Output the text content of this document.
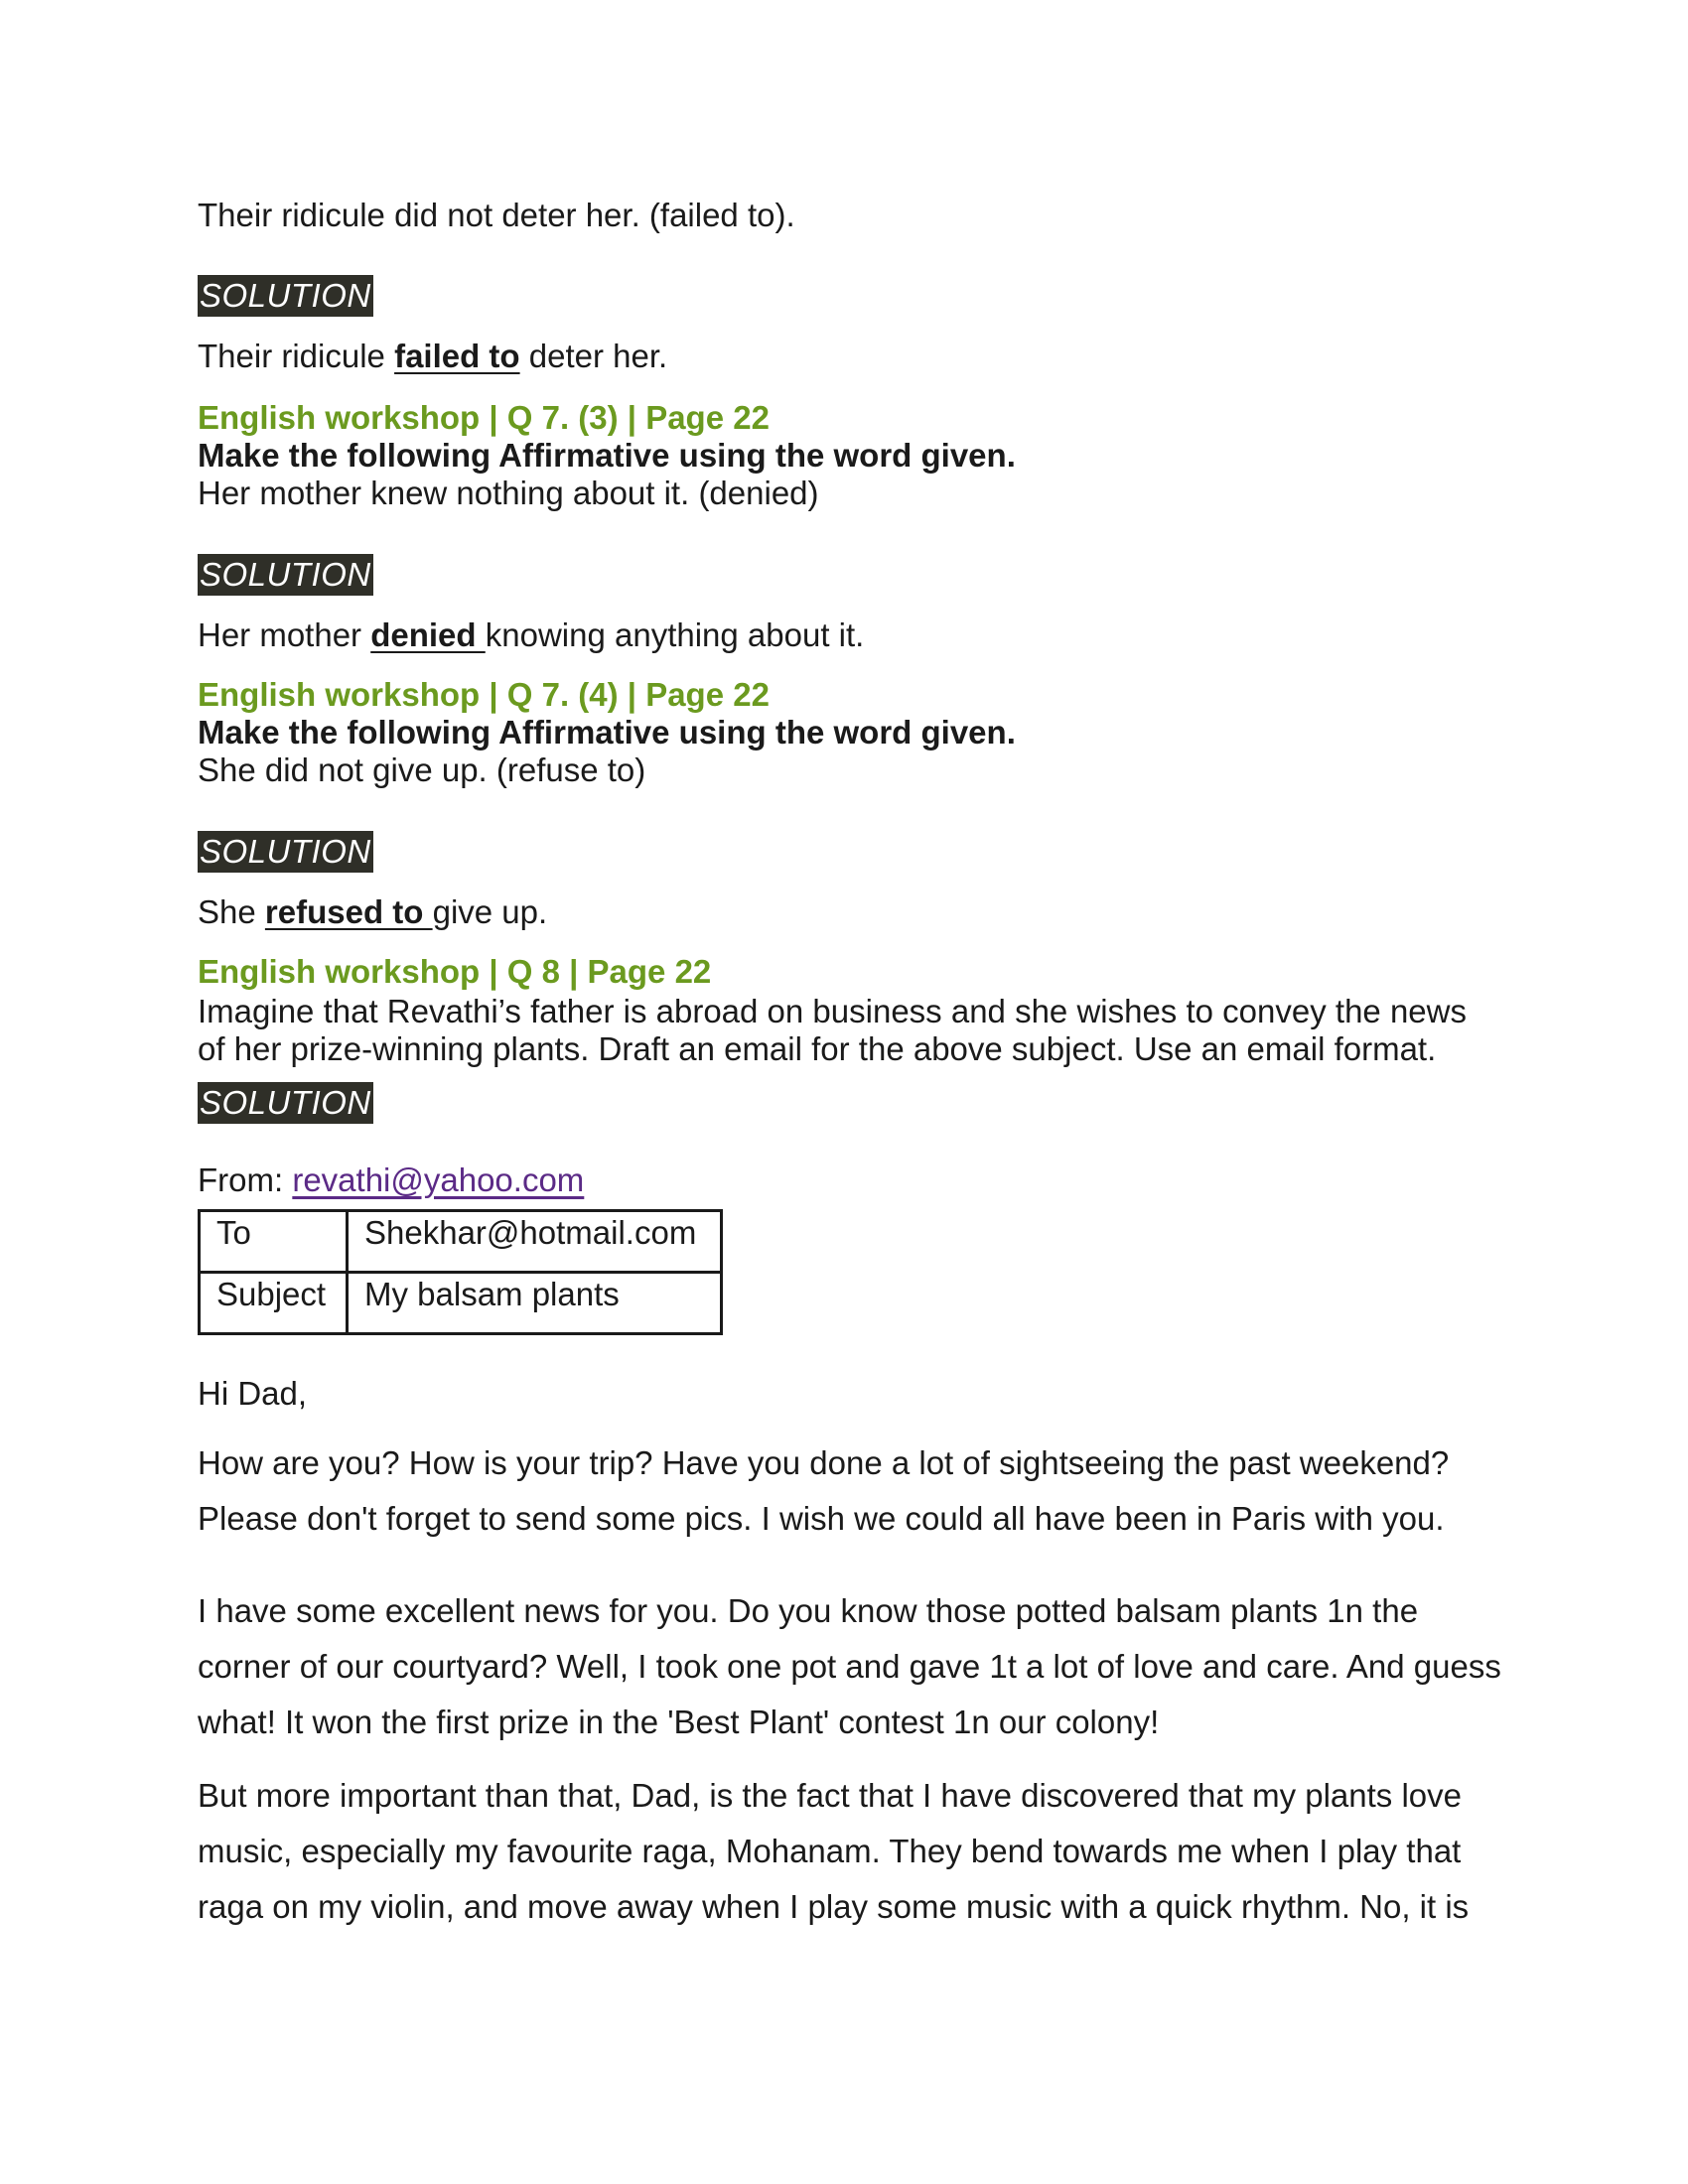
Their ridicule did not deter her. (failed to).
SOLUTION
Their ridicule failed to deter her.
English workshop | Q 7. (3) | Page 22
Make the following Affirmative using the word given.
Her mother knew nothing about it. (denied)
SOLUTION
Her mother denied knowing anything about it.
English workshop | Q 7. (4) | Page 22
Make the following Affirmative using the word given.
She did not give up. (refuse to)
SOLUTION
She refused to give up.
English workshop | Q 8 | Page 22
Imagine that Revathi’s father is abroad on business and she wishes to convey the news
of her prize-winning plants. Draft an email for the above subject. Use an email format.
SOLUTION
From: revathi@yahoo.com
To	Shekhar@hotmail.com
Subject	My balsam plants
Hi Dad,
How are you? How is your trip? Have you done a lot of sightseeing the past weekend? Please don't forget to send some pics. I wish we could all have been in Paris with you.
I have some excellent news for you. Do you know those potted balsam plants 1n the corner of our courtyard? Well, I took one pot and gave 1t a lot of love and care. And guess what! It won the first prize in the 'Best Plant' contest 1n our colony!
But more important than that, Dad, is the fact that I have discovered that my plants love music, especially my favourite raga, Mohanam. They bend towards me when I play that raga on my violin, and move away when I play some music with a quick rhythm. No, it is
